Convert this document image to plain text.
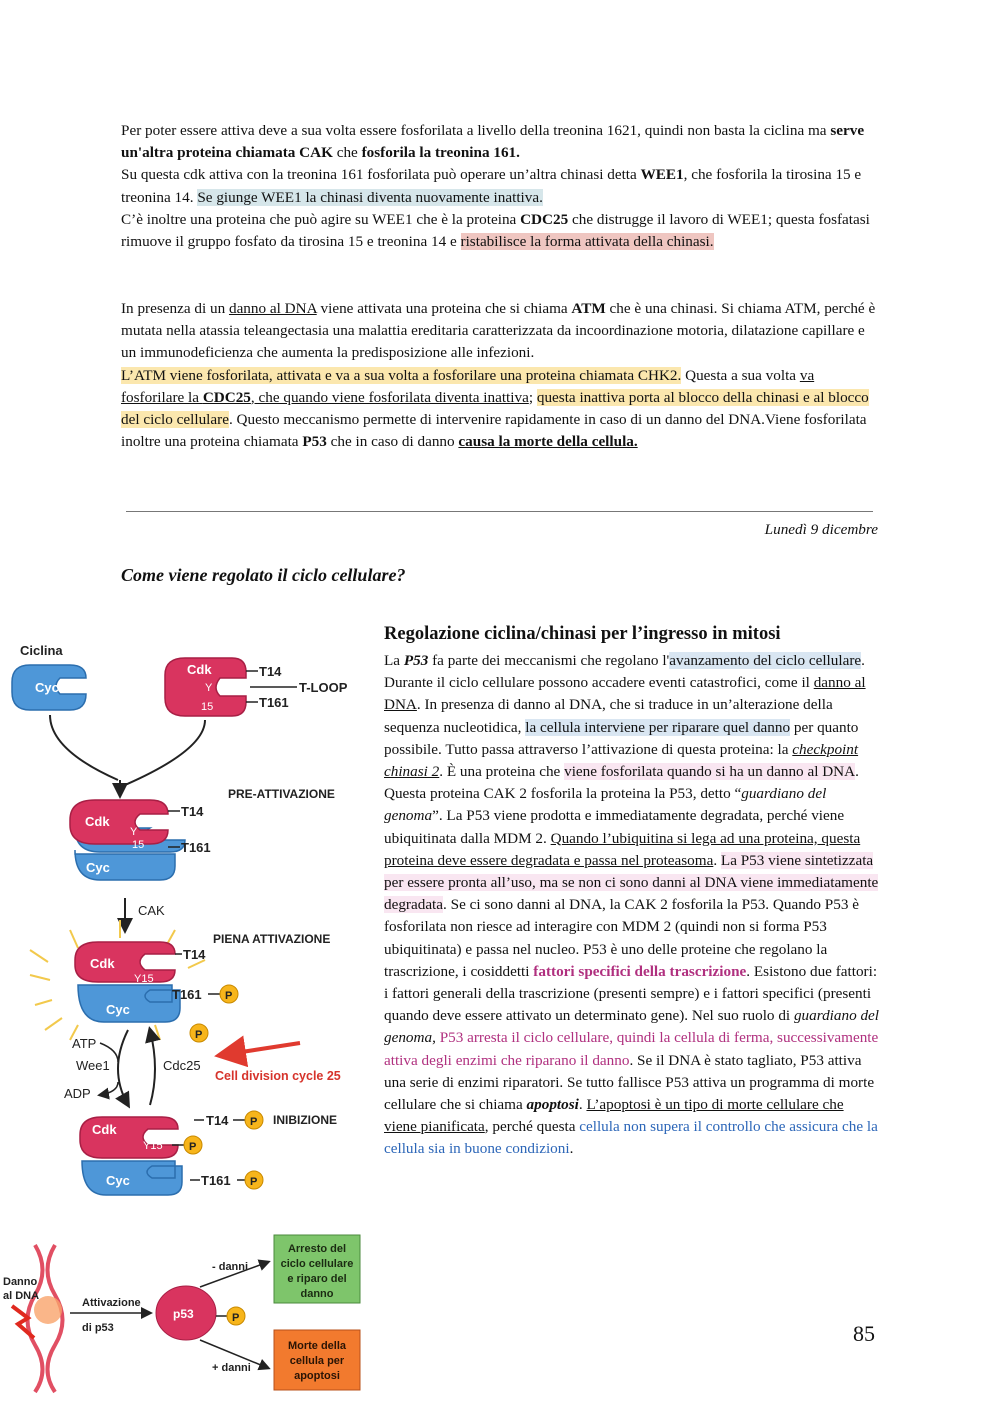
Per poter essere attiva deve a sua volta essere fosforilata a livello della treonina 1621, quindi non basta la ciclina ma serve un'altra proteina chiamata CAK che fosforila la treonina 161.
Su questa cdk attiva con la treonina 161 fosforilata può operare un’altra chinasi detta WEE1, che fosforila la tirosina 15 e treonina 14. Se giunge WEE1 la chinasi diventa nuovamente inattiva.
C’è inoltre una proteina che può agire su WEE1 che è la proteina CDC25 che distrugge il lavoro di WEE1; questa fosfatasi rimuove il gruppo fosfato da tirosina 15 e treonina 14 e ristabilisce la forma attivata della chinasi.
In presenza di un danno al DNA viene attivata una proteina che si chiama ATM che è una chinasi. Si chiama ATM, perché è mutata nella atassia teleangectasia una malattia ereditaria caratterizzata da incoordinazione motoria, dilatazione capillare e un immunodeficienza che aumenta la predisposizione alle infezioni.
L’ATM viene fosforilata, attivata e va a sua volta a fosforilare una proteina chiamata CHK2. Questa a sua volta va fosforilare la CDC25, che quando viene fosforilata diventa inattiva; questa inattiva porta al blocco della chinasi e al blocco del ciclo cellulare. Questo meccanismo permette di intervenire rapidamente in caso di un danno del DNA.Viene fosforilata inoltre una proteina chiamata P53 che in caso di danno causa la morte della cellula.
Lunedì 9 dicembre
Come viene regolato il ciclo cellulare?
Regolazione ciclina/chinasi per l’ingresso in mitosi
La P53 fa parte dei meccanismi che regolano l'avanzamento del ciclo cellulare. Durante il ciclo cellulare possono accadere eventi catastrofici, come il danno al DNA. In presenza di danno al DNA, che si traduce in un’alterazione della sequenza nucleotidica, la cellula interviene per riparare quel danno per quanto possibile. Tutto passa attraverso l’attivazione di questa proteina: la checkpoint chinasi 2. È una proteina che viene fosforilata quando si ha un danno al DNA. Questa proteina CAK 2 fosforila la proteina la P53, detto “guardiano del genoma”. La P53 viene prodotta e immediatamente degradata, perché viene ubiquitinata dalla MDM 2. Quando l’ubiquitina si lega ad una proteina, questa proteina deve essere degradata e passa nel proteasoma. La P53 viene sintetizzata per essere pronta all’uso, ma se non ci sono danni al DNA viene immediatamente degradata. Se ci sono danni al DNA, la CAK 2 fosforila la P53. Quando P53 è fosforilata non riesce ad interagire con MDM 2 (quindi non si forma P53 ubiquitinata) e passa nel nucleo. P53 è uno delle proteine che regolano la trascrizione, i cosiddetti fattori specifici della trascrizione. Esistono due fattori: i fattori generali della trascrizione (presenti sempre) e i fattori specifici (presenti quando deve essere attivato un determinato gene). Nel suo ruolo di guardiano del genoma, P53 arresta il ciclo cellulare, quindi la cellula di ferma, successivamente attiva degli enzimi che riparano il danno. Se il DNA è stato tagliato, P53 attiva una serie di enzimi riparatori. Se tutto fallisce P53 attiva un programma di morte cellulare che si chiama apoptosi. L’apoptosi è un tipo di morte cellulare che viene pianificata, perché questa cellula non supera il controllo che assicura che la cellula sia in buone condizioni.
85
Ciclina
Cyc
Cdk
Y
15
T14
T161
T-LOOP
PRE-ATTIVAZIONE
Cdk
Y
15
Cyc
T14
T161
CAK
PIENA ATTIVAZIONE
Cdk
Y15
Cyc
T14
T161 P
P
ATP
Wee1
ADP
Cdc25
Cell division cycle 25
INIBIZIONE
Cdk
Y15 P
Cyc
T14 P
T161 P
Danno
al DNA
Attivazione
di p53
p53	P
- danni
+ danni
Arresto del
ciclo cellulare
e riparo del
danno
Morte della
cellula per
apoptosi
